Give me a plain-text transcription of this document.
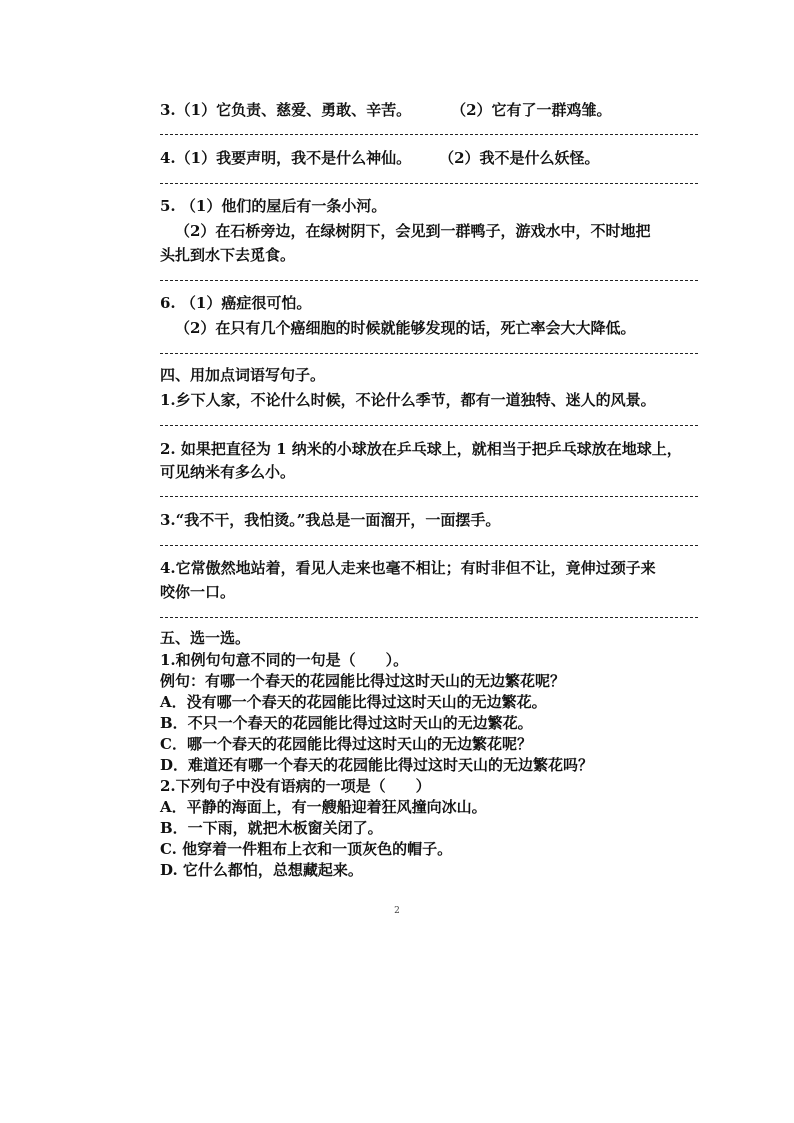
3.（1）它负责、慈爱、勇敢、辛苦。	（2）它有了一群鸡雏。
4.（1）我要声明，我不是什么神仙。 （2）我不是什么妖怪。
5. （1）他们的屋后有一条小河。
（2）在石桥旁边，在绿树阴下，会见到一群鸭子，游戏水中，不时地把
头扎到水下去觅食。
6. （1）癌症很可怕。
（2）在只有几个癌细胞的时候就能够发现的话，死亡率会大大降低。
四、用加点词语写句子。
1.乡下人家，不论什么时候，不论什么季节，都有一道独特、迷人的风景。
2. 如果把直径为 1 纳米的小球放在乒乓球上，就相当于把乒乓球放在地球上，
可见纳米有多么小。
3.“我不干，我怕烫。”我总是一面溜开，一面摆手。
4.它常傲然地站着，看见人走来也毫不相让；有时非但不让，竟伸过颈子来
咬你一口。
五、选一选。
1.和例句句意不同的一句是（　　）。
例句：有哪一个春天的花园能比得过这时天山的无边繁花呢？
A．没有哪一个春天的花园能比得过这时天山的无边繁花。
B．不只一个春天的花园能比得过这时天山的无边繁花。
C．哪一个春天的花园能比得过这时天山的无边繁花呢？
D．难道还有哪一个春天的花园能比得过这时天山的无边繁花吗？
2.下列句子中没有语病的一项是（　　）
A．平静的海面上，有一艘船迎着狂风撞向冰山。
B．一下雨，就把木板窗关闭了。
C. 他穿着一件粗布上衣和一顶灰色的帽子。
D. 它什么都怕，总想藏起来。
2
